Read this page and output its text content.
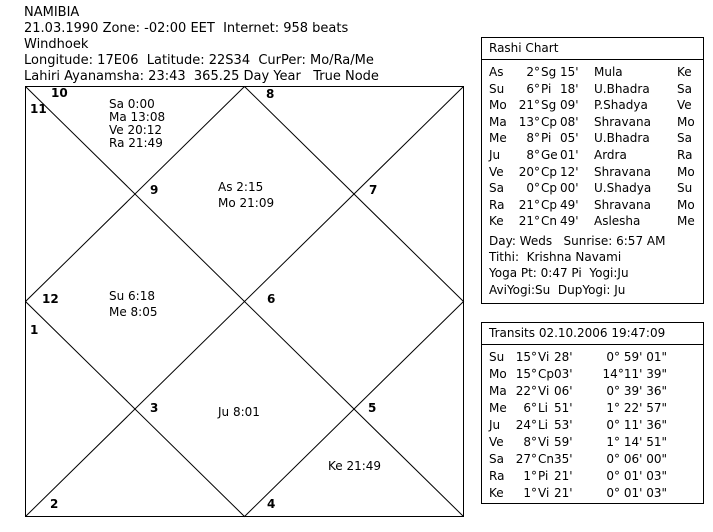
NAMIBIA
21.03.1990 Zone: -02:00 EET  Internet: 958 beats
Windhoek
Longitude: 17E06  Latitude: 22S34  CurPer: Mo/Ra/Me
Lahiri Ayanamsha: 23:43  365.25 Day Year   True Node
10
11
8
9	7
12	6
1
3	5
2	4
Sa 0:00
Ma 13:08
Ve 20:12
Ra 21:49
As 2:15
Mo 21:09
Su 6:18
Me 8:05
Ju 8:01
Ke 21:49
Rashi Chart
As 2° Sg 15' Mula	Ke
Su 6° Pi 18' U.Bhadra Sa
Mo 21° Sg 09' P.Shadya Ve
Ma 13° Cp 08' Shravana Mo
Me 8° Pi 05' U.Bhadra Sa
Ju 8° Ge 01' Ardra	Ra
Ve 20° Cp 12' Shravana Mo
Sa 0° Cp 00' U.Shadya Su
Ra 21° Cp 49' Shravana Mo
Ke 21° Cn 49' Aslesha	Me
Day: Weds   Sunrise: 6:57 AM
Tithi:  Krishna Navami
Yoga Pt: 0:47 Pi  Yogi:Ju
AviYogi:Su  DupYogi: Ju
Transits 02.10.2006 19:47:09
Su 15° Vi 28'	0° 59' 01"
Mo 15° Cp 03' 14°11' 39"
Ma 22° Vi 06'	0° 39' 36"
Me 6° Li 51'	1° 22' 57"
Ju 24° Li 53'	0° 11' 36"
Ve 8° Vi 59'	1° 14' 51"
Sa 27° Cn 35'	0° 06' 00"
Ra 1° Pi 21'	0° 01' 03"
Ke 1° Vi 21'	0° 01' 03"
